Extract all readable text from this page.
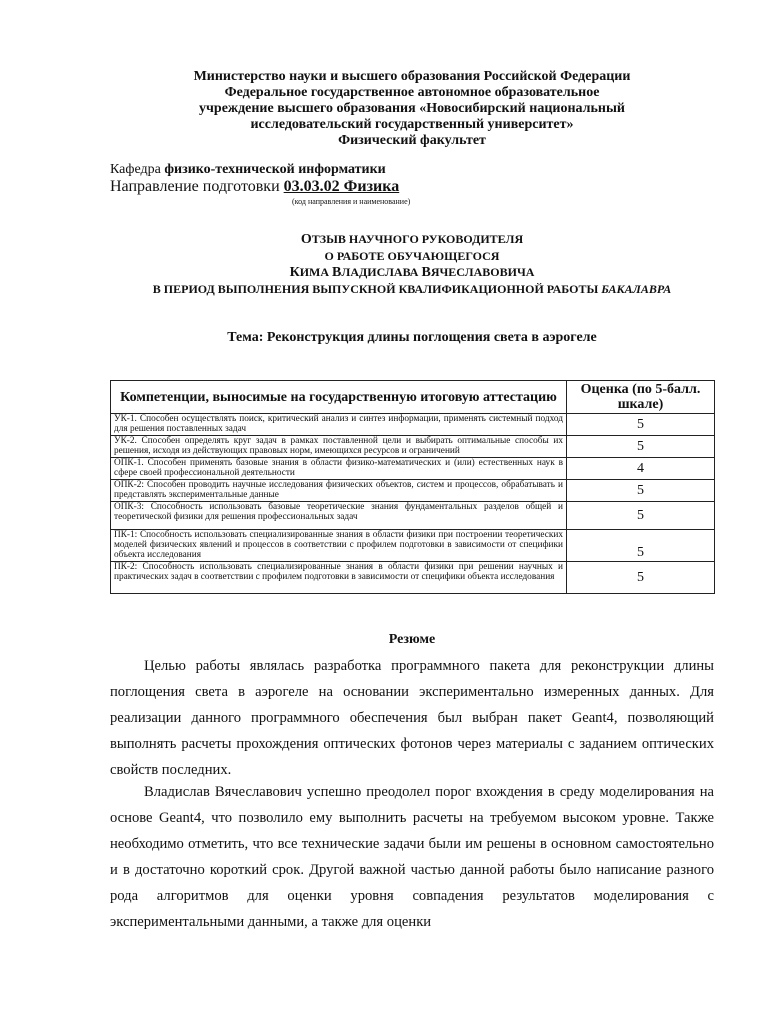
Министерство науки и высшего образования Российской Федерации
Федеральное государственное автономное образовательное
учреждение высшего образования «Новосибирский национальный
исследовательский государственный университет»
Физический факультет
Кафедра физико-технической информатики
Направление подготовки 03.03.02 Физика
(код направления и наименование)
ОТЗЫВ НАУЧНОГО РУКОВОДИТЕЛЯ
О РАБОТЕ ОБУЧАЮЩЕГОСЯ
КИМА ВЛАДИСЛАВА ВЯЧЕСЛАВОВИЧА
В ПЕРИОД ВЫПОЛНЕНИЯ ВЫПУСКНОЙ КВАЛИФИКАЦИОННОЙ РАБОТЫ БАКАЛАВРА
Тема: Реконструкция длины поглощения света в аэрогеле
Компетенции, выносимые на государственную итоговую аттестацию	Оценка (по 5-балл. шкале)
УК-1. Способен осуществлять поиск, критический анализ и синтез информации, применять системный подход для решения поставленных задач	5
УК-2. Способен определять круг задач в рамках поставленной цели и выбирать оптимальные способы их решения, исходя из действующих правовых норм, имеющихся ресурсов и ограничений	5
ОПК-1. Способен применять базовые знания в области физико-математических и (или) естественных наук в сфере своей профессиональной деятельности	4
ОПК-2: Способен проводить научные исследования физических объектов, систем и процессов, обрабатывать и представлять экспериментальные данные	5
ОПК-3: Способность использовать базовые теоретические знания фундаментальных разделов общей и теоретической физики для решения профессиональных задач	5
ПК-1: Способность использовать специализированные знания в области физики при построении теоретических моделей физических явлений и процессов в соответствии с профилем подготовки в зависимости от специфики объекта исследования	5
ПК-2: Способность использовать специализированные знания в области физики при решении научных и практических задач в соответствии с профилем подготовки в зависимости от специфики объекта исследования	5
Резюме
Целью работы являлась разработка программного пакета для реконструкции длины поглощения света в аэрогеле на основании экспериментально измеренных данных. Для реализации данного программного обеспечения был выбран пакет Geant4, позволяющий выполнять расчеты прохождения оптических фотонов через материалы с заданием оптических свойств последних.
Владислав Вячеславович успешно преодолел порог вхождения в среду моделирования на основе Geant4, что позволило ему выполнить расчеты на требуемом высоком уровне. Также необходимо отметить, что все технические задачи были им решены в основном самостоятельно и в достаточно короткий срок. Другой важной частью данной работы было написание разного рода алгоритмов для оценки уровня совпадения результатов моделирования с экспериментальными данными, а также для оценки
